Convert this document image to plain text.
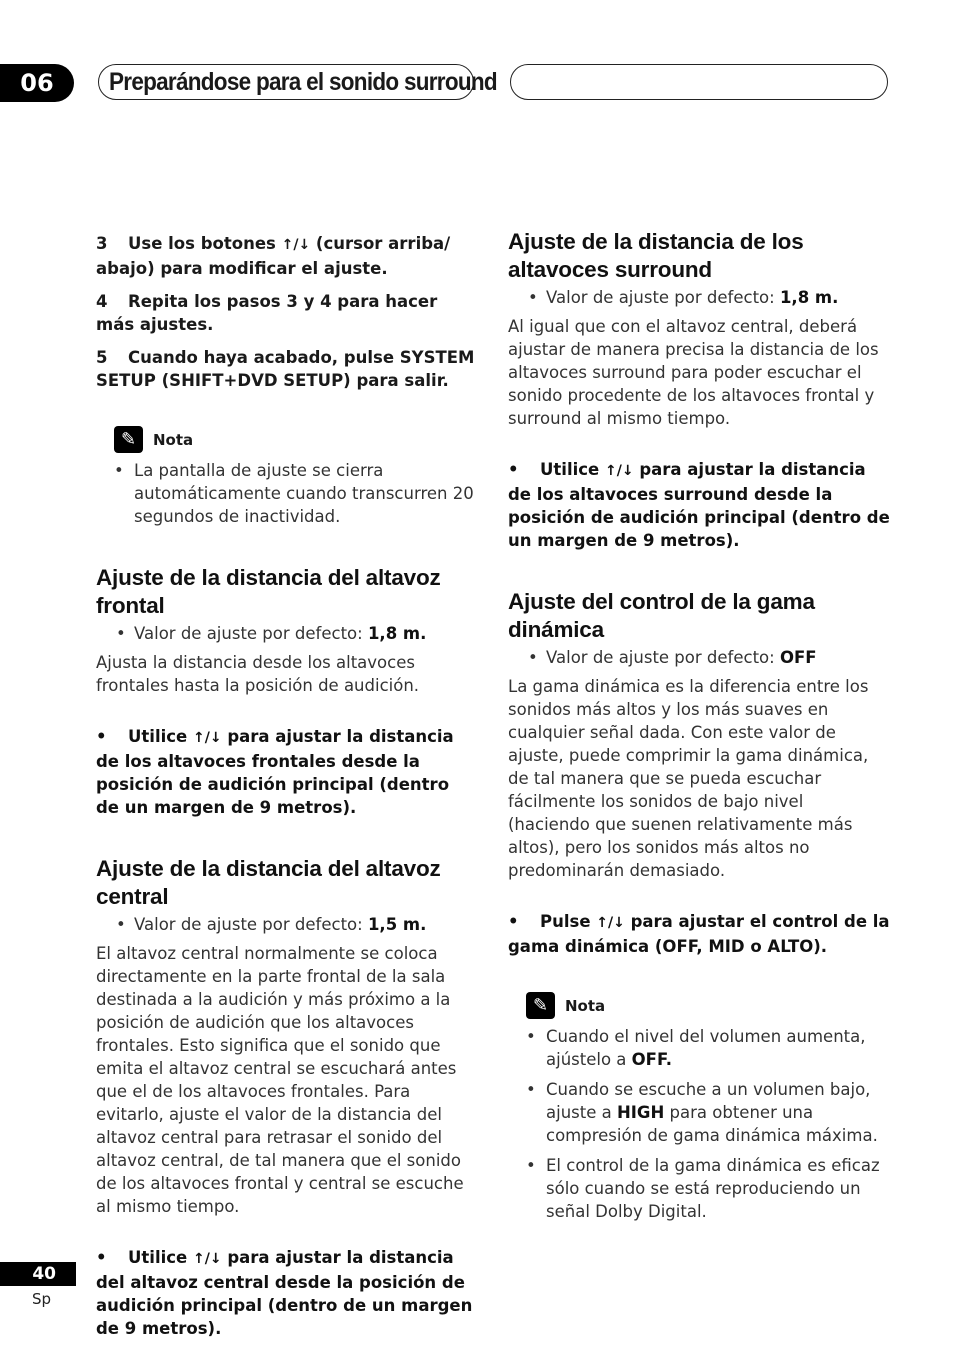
06	Preparándose para el sonido surround
3 Use los botones ↑/↓ (cursor arriba/ abajo) para modificar el ajuste.
4 Repita los pasos 3 y 4 para hacer más ajustes.
5 Cuando haya acabado, pulse SYSTEM SETUP (SHIFT+DVD SETUP) para salir.
✎	Nota
• La pantalla de ajuste se cierra automáticamente cuando transcurren 20 segundos de inactividad.
Ajuste de la distancia del altavoz frontal
• Valor de ajuste por defecto: 1,8 m.

Ajusta la distancia desde los altavoces frontales hasta la posición de audición.

• Utilice ↑/↓ para ajustar la distancia de los altavoces frontales desde la posición de audición principal (dentro de un margen de 9 metros).
Ajuste de la distancia del altavoz central
• Valor de ajuste por defecto: 1,5 m.

El altavoz central normalmente se coloca directamente en la parte frontal de la sala destinada a la audición y más próximo a la posición de audición que los altavoces frontales. Esto significa que el sonido que emita el altavoz central se escuchará antes que el de los altavoces frontales. Para evitarlo, ajuste el valor de la distancia del altavoz central para retrasar el sonido del altavoz central, de tal manera que el sonido de los altavoces frontal y central se escuche al mismo tiempo.

• Utilice ↑/↓ para ajustar la distancia del altavoz central desde la posición de audición principal (dentro de un margen de 9 metros).
Ajuste de la distancia de los altavoces surround
• Valor de ajuste por defecto: 1,8 m.

Al igual que con el altavoz central, deberá ajustar de manera precisa la distancia de los altavoces surround para poder escuchar el sonido procedente de los altavoces frontal y surround al mismo tiempo.

• Utilice ↑/↓ para ajustar la distancia de los altavoces surround desde la posición de audición principal (dentro de un margen de 9 metros).
Ajuste del control de la gama dinámica
• Valor de ajuste por defecto: OFF

La gama dinámica es la diferencia entre los sonidos más altos y los más suaves en cualquier señal dada. Con este valor de ajuste, puede comprimir la gama dinámica, de tal manera que se pueda escuchar fácilmente los sonidos de bajo nivel (haciendo que suenen relativamente más altos), pero los sonidos más altos no predominarán demasiado.

• Pulse ↑/↓ para ajustar el control de la gama dinámica (OFF, MID o ALTO).
✎	Nota
• Cuando el nivel del volumen aumenta, ajústelo a OFF.
• Cuando se escuche a un volumen bajo, ajuste a HIGH para obtener una compresión de gama dinámica máxima.
• El control de la gama dinámica es eficaz sólo cuando se está reproduciendo un señal Dolby Digital.
40
Sp
